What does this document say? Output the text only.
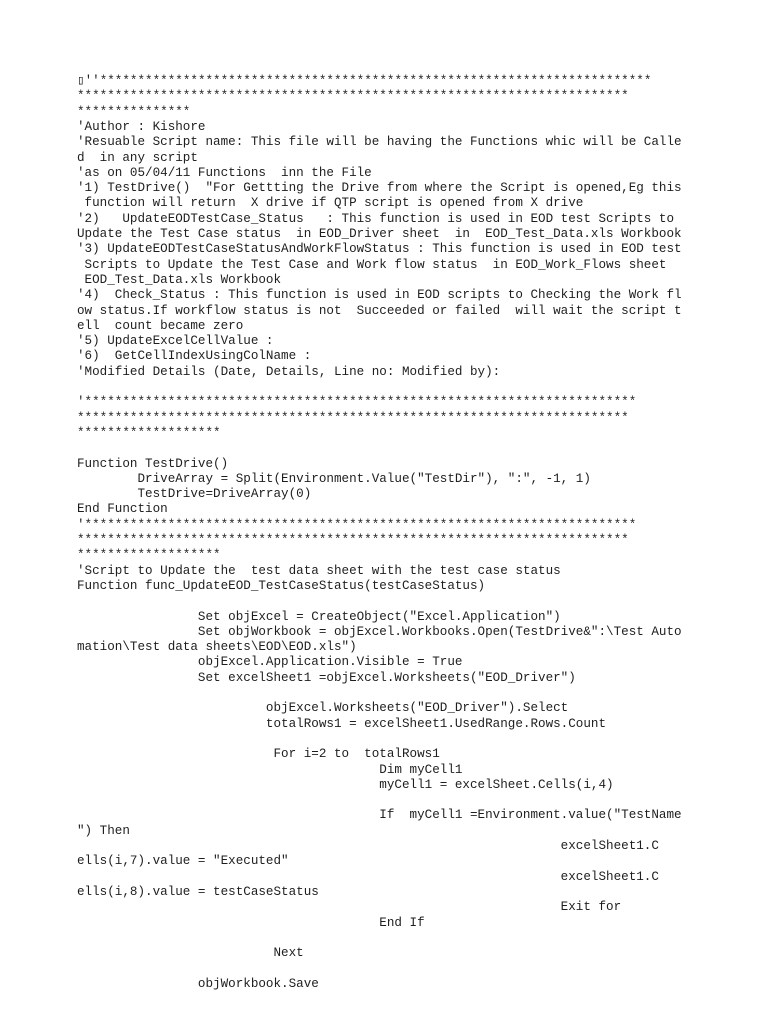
▯''*************************************************************************
*************************************************************************
***************
'Author : Kishore
'Resuable Script name: This file will be having the Functions whic will be Calle
d  in any script
'as on 05/04/11 Functions  inn the File
'1) TestDrive()  "For Gettting the Drive from where the Script is opened,Eg this
function will return  X drive if QTP script is opened from X drive
'2)   UpdateEODTestCase_Status   : This function is used in EOD test Scripts to
Update the Test Case status  in EOD_Driver sheet  in  EOD_Test_Data.xls Workbook
'3) UpdateEODTestCaseStatusAndWorkFlowStatus : This function is used in EOD test
Scripts to Update the Test Case and Work flow status  in EOD_Work_Flows sheet
EOD_Test_Data.xls Workbook
'4)  Check_Status : This function is used in EOD scripts to Checking the Work fl
ow status.If workflow status is not  Succeeded or failed  will wait the script t
ell  count became zero
'5) UpdateExcelCellValue :
'6)  GetCellIndexUsingColName :
'Modified Details (Date, Details, Line no: Modified by):
'*************************************************************************
*************************************************************************
*******************
Function TestDrive()
DriveArray = Split(Environment.Value("TestDir"), ":", -1, 1)
TestDrive=DriveArray(0)
End Function
'*************************************************************************
*************************************************************************
*******************
'Script to Update the  test data sheet with the test case status
Function func_UpdateEOD_TestCaseStatus(testCaseStatus)
Set objExcel = CreateObject("Excel.Application")
Set objWorkbook = objExcel.Workbooks.Open(TestDrive&":\Test Auto
mation\Test data sheets\EOD\EOD.xls")
objExcel.Application.Visible = True
Set excelSheet1 =objExcel.Worksheets("EOD_Driver")
objExcel.Worksheets("EOD_Driver").Select
totalRows1 = excelSheet1.UsedRange.Rows.Count
For i=2 to  totalRows1
Dim myCell1
myCell1 = excelSheet.Cells(i,4)
If  myCell1 =Environment.value("TestName
") Then
excelSheet1.C
ells(i,7).value = "Executed"
excelSheet1.C
ells(i,8).value = testCaseStatus
Exit for
End If
Next
objWorkbook.Save
